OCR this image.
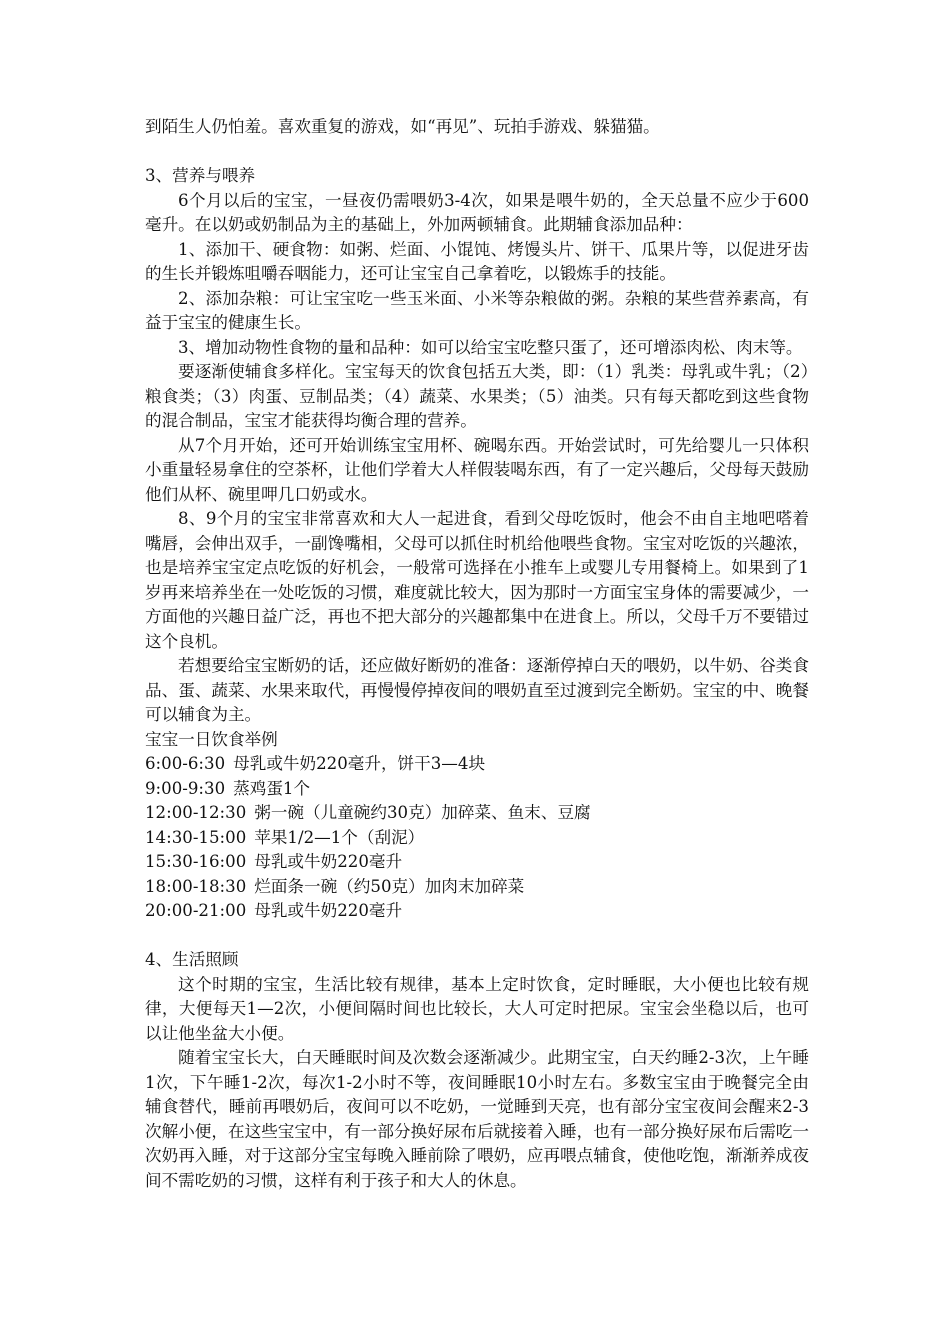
到陌生人仍怕羞。喜欢重复的游戏，如“再见”、玩拍手游戏、躲猫猫。

3、营养与喂养

6个月以后的宝宝，一昼夜仍需喂奶3-4次，如果是喂牛奶的，全天总量不应少于600毫升。在以奶或奶制品为主的基础上，外加两顿辅食。此期辅食添加品种：

1、添加干、硬食物：如粥、烂面、小馄饨、烤馒头片、饼干、瓜果片等，以促进牙齿的生长并锻炼咀嚼吞咽能力，还可让宝宝自己拿着吃，以锻炼手的技能。

2、添加杂粮：可让宝宝吃一些玉米面、小米等杂粮做的粥。杂粮的某些营养素高，有益于宝宝的健康生长。

3、增加动物性食物的量和品种：如可以给宝宝吃整只蛋了，还可增添肉松、肉末等。

要逐渐使辅食多样化。宝宝每天的饮食包括五大类，即：（1）乳类：母乳或牛乳；（2）粮食类；（3）肉蛋、豆制品类；（4）蔬菜、水果类；（5）油类。只有每天都吃到这些食物的混合制品，宝宝才能获得均衡合理的营养。

从7个月开始，还可开始训练宝宝用杯、碗喝东西。开始尝试时，可先给婴儿一只体积小重量轻易拿住的空茶杯，让他们学着大人样假装喝东西，有了一定兴趣后，父母每天鼓励他们从杯、碗里呷几口奶或水。

8、9个月的宝宝非常喜欢和大人一起进食，看到父母吃饭时，他会不由自主地吧嗒着嘴唇，会伸出双手，一副馋嘴相，父母可以抓住时机给他喂些食物。宝宝对吃饭的兴趣浓，也是培养宝宝定点吃饭的好机会，一般常可选择在小推车上或婴儿专用餐椅上。如果到了1岁再来培养坐在一处吃饭的习惯，难度就比较大，因为那时一方面宝宝身体的需要减少，一方面他的兴趣日益广泛，再也不把大部分的兴趣都集中在进食上。所以，父母千万不要错过这个良机。

若想要给宝宝断奶的话，还应做好断奶的准备：逐渐停掉白天的喂奶，以牛奶、谷类食品、蛋、蔬菜、水果来取代，再慢慢停掉夜间的喂奶直至过渡到完全断奶。宝宝的中、晚餐可以辅食为主。

宝宝一日饮食举例

6:00-6:30 母乳或牛奶220毫升，饼干3—4块
9:00-9:30 蒸鸡蛋1个
12:00-12:30 粥一碗（儿童碗约30克）加碎菜、鱼末、豆腐
14:30-15:00 苹果1/2—1个（刮泥）
15:30-16:00 母乳或牛奶220毫升
18:00-18:30 烂面条一碗（约50克）加肉末加碎菜
20:00-21:00 母乳或牛奶220毫升

4、生活照顾

这个时期的宝宝，生活比较有规律，基本上定时饮食，定时睡眠，大小便也比较有规律，大便每天1—2次，小便间隔时间也比较长，大人可定时把尿。宝宝会坐稳以后，也可以让他坐盆大小便。

随着宝宝长大，白天睡眠时间及次数会逐渐减少。此期宝宝，白天约睡2-3次，上午睡1次，下午睡1-2次，每次1-2小时不等，夜间睡眠10小时左右。多数宝宝由于晚餐完全由辅食替代，睡前再喂奶后，夜间可以不吃奶，一觉睡到天亮，也有部分宝宝夜间会醒来2-3次解小便，在这些宝宝中，有一部分换好尿布后就接着入睡，也有一部分换好尿布后需吃一次奶再入睡，对于这部分宝宝每晚入睡前除了喂奶，应再喂点辅食，使他吃饱，渐渐养成夜间不需吃奶的习惯，这样有利于孩子和大人的休息。
